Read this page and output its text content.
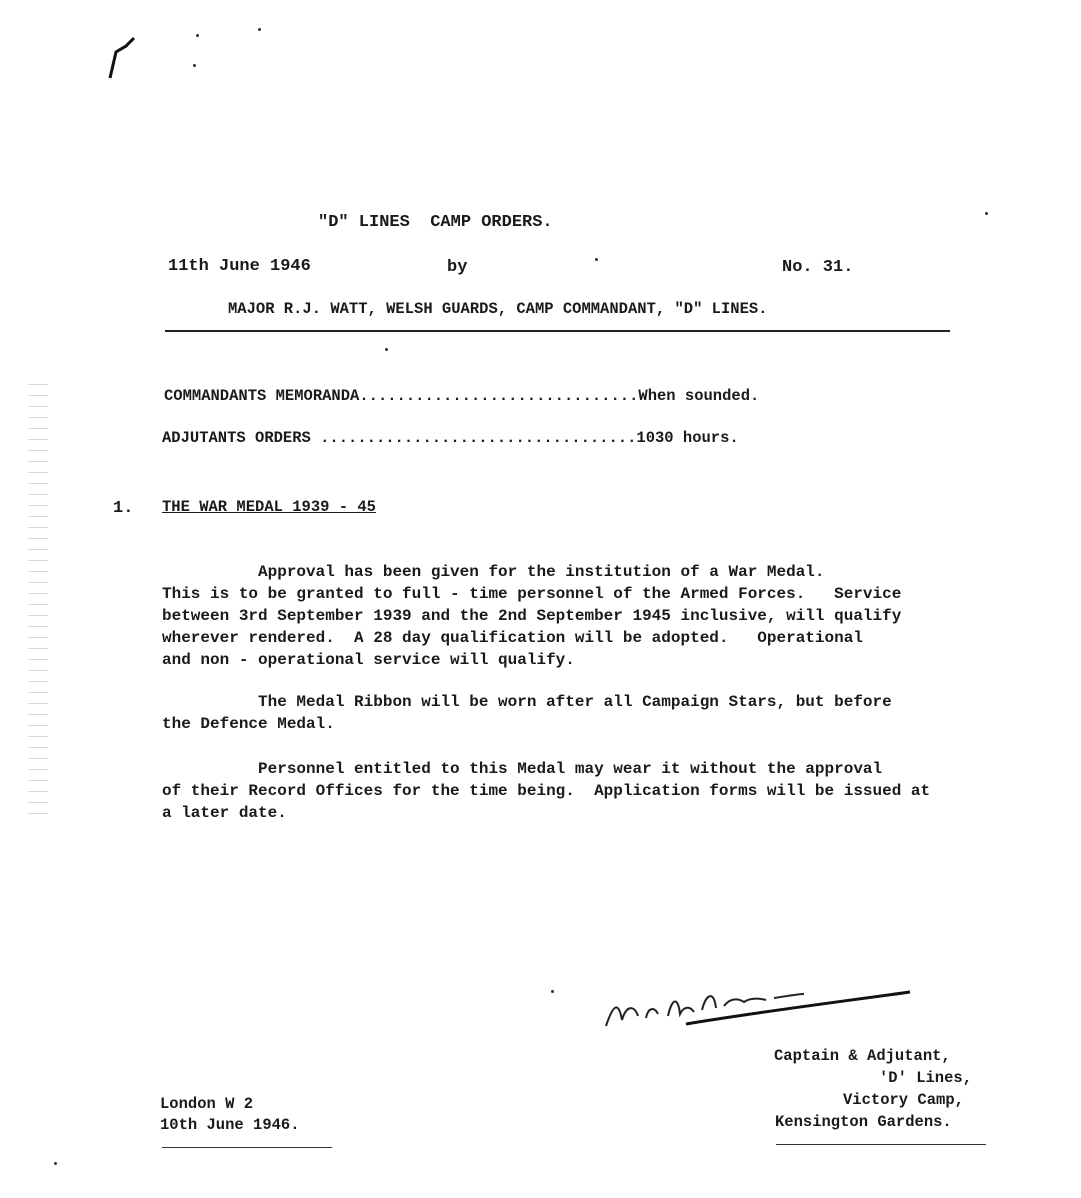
"D" LINES  CAMP ORDERS.
11th June 1946	by	No. 31.
MAJOR R.J. WATT, WELSH GUARDS, CAMP COMMANDANT, "D" LINES.
COMMANDANTS MEMORANDA..............................When sounded.
ADJUTANTS ORDERS ..................................1030 hours.
1. THE WAR MEDAL 1939 - 45

Approval has been given for the institution of a War Medal.
This is to be granted to full - time personnel of the Armed Forces.   Service
between 3rd September 1939 and the 2nd September 1945 inclusive, will qualify
wherever rendered.  A 28 day qualification will be adopted.   Operational
and non - operational service will qualify.

The Medal Ribbon will be worn after all Campaign Stars, but before
the Defence Medal.

Personnel entitled to this Medal may wear it without the approval
of their Record Offices for the time being.  Application forms will be issued at
a later date.

Captain & Adjutant,
'D' Lines,
Victory Camp,
Kensington Gardens.
London W 2
10th June 1946.
